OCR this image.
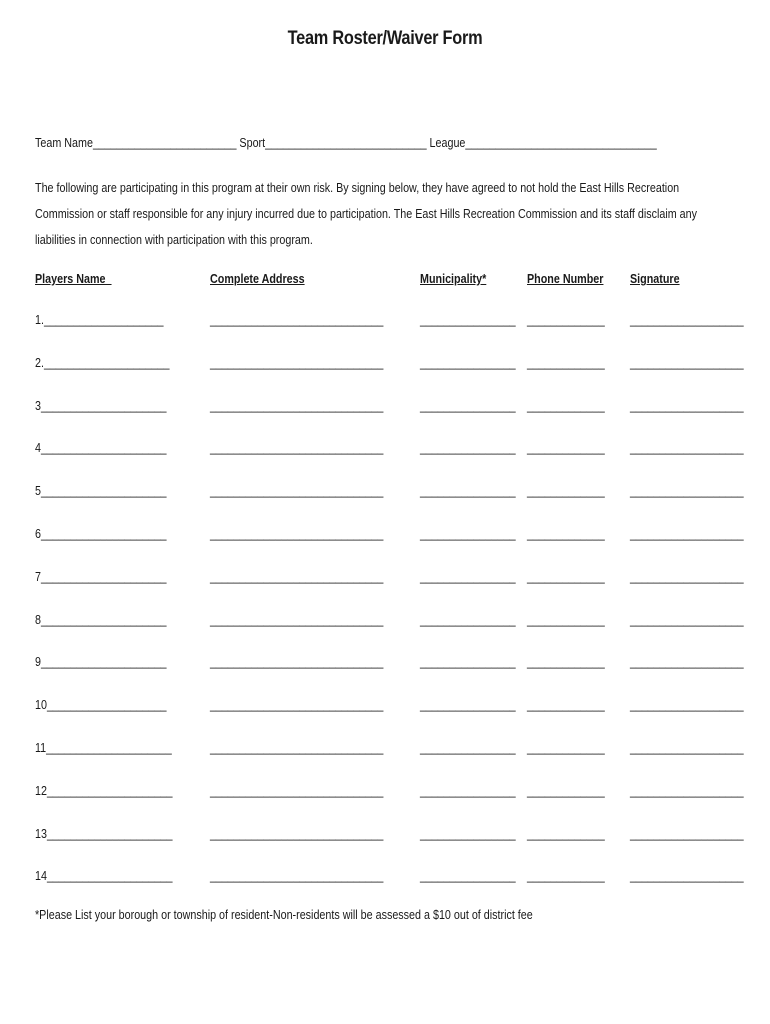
Team Roster/Waiver Form
Team Name________________________ Sport___________________________ League________________________________
The following are participating in this program at their own risk. By signing below, they have agreed to not hold the East Hills Recreation Commission or staff responsible for any injury incurred due to participation. The East Hills Recreation Commission and its staff disclaim any liabilities in connection with participation with this program.
Players Name_	Complete Address	Municipality*	Phone Number Signature
1.____________________	_____________________________	________________ _____________ ___________________
2._____________________	_____________________________	________________ _____________ ___________________
3_____________________	_____________________________	________________ _____________ ___________________
4_____________________	_____________________________	________________ _____________ ___________________
5_____________________	_____________________________	________________ _____________ ___________________
6_____________________	_____________________________	________________ _____________ ___________________
7_____________________	_____________________________	________________ _____________ ___________________
8_____________________	_____________________________	________________ _____________ ___________________
9_____________________	_____________________________	________________ _____________ ___________________
10____________________	_____________________________	________________ _____________ ___________________
11_____________________	_____________________________	________________ _____________ ___________________
12_____________________	_____________________________	________________ _____________ ___________________
13_____________________	_____________________________	________________ _____________ ___________________
14_____________________	_____________________________	________________ _____________ ___________________
*Please List your borough or township of resident-Non-residents will be assessed a $10 out of district fee
